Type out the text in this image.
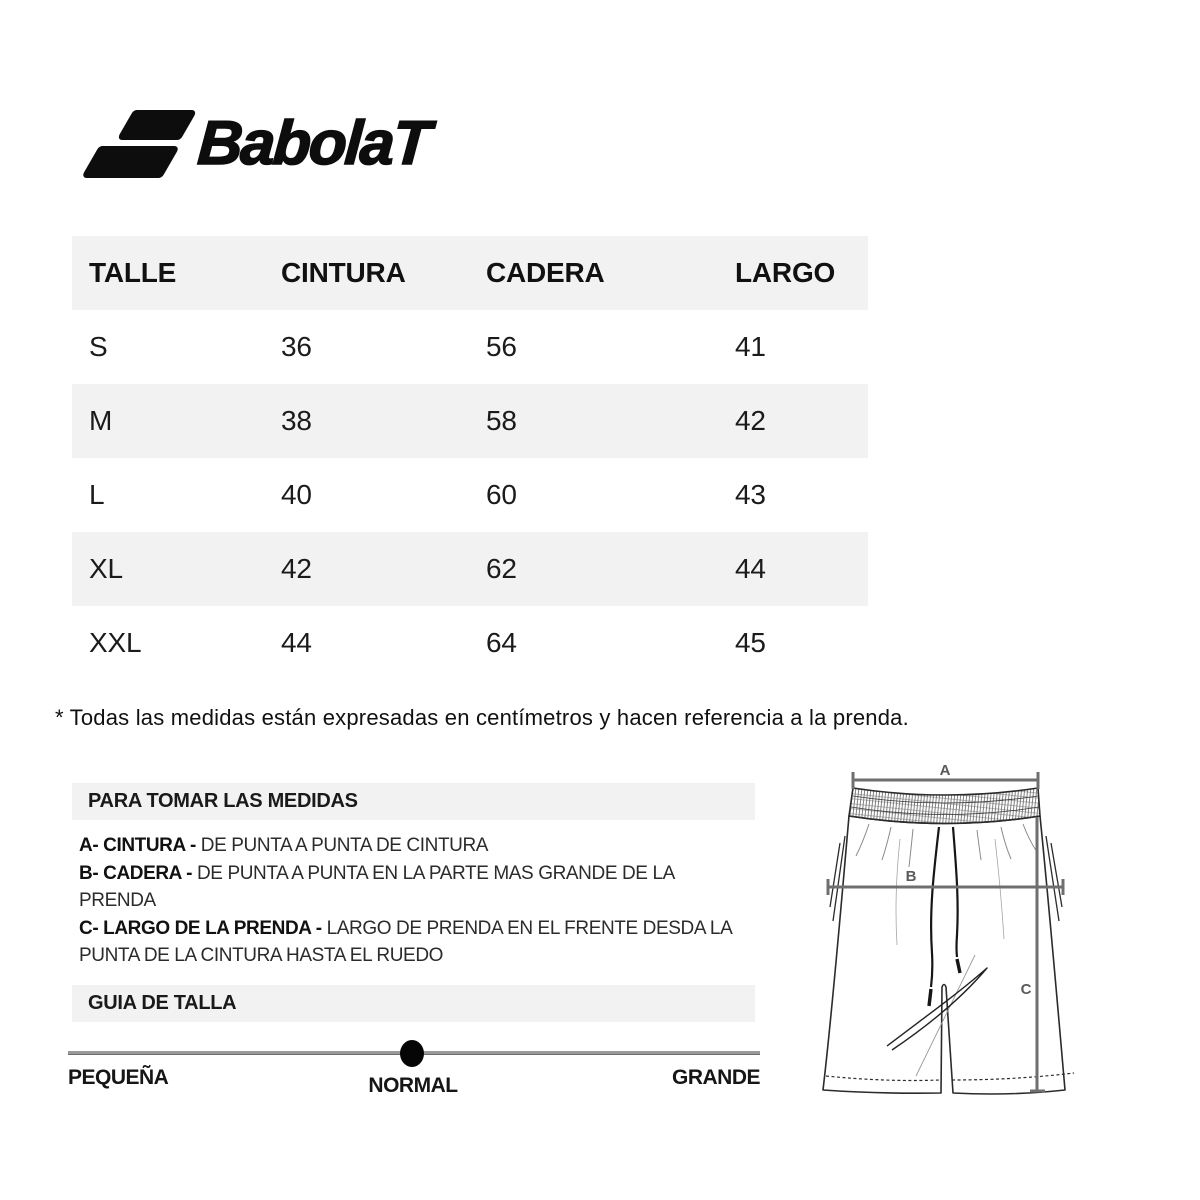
BabolaT
TALLE	CINTURA	CADERA	LARGO
S	36	56	41
M	38	58	42
L	40	60	43
XL	42	62	44
XXL	44	64	45
* Todas las medidas están expresadas en centímetros y hacen referencia a la prenda.
PARA TOMAR LAS MEDIDAS
A- CINTURA - DE PUNTA A PUNTA DE CINTURA
B- CADERA - DE PUNTA A PUNTA EN LA PARTE MAS GRANDE DE LA PRENDA
C- LARGO DE LA PRENDA - LARGO DE PRENDA EN EL FRENTE DESDA LA PUNTA DE LA CINTURA HASTA EL RUEDO
GUIA DE TALLA
PEQUEÑA	NORMAL	GRANDE
A
B
C
